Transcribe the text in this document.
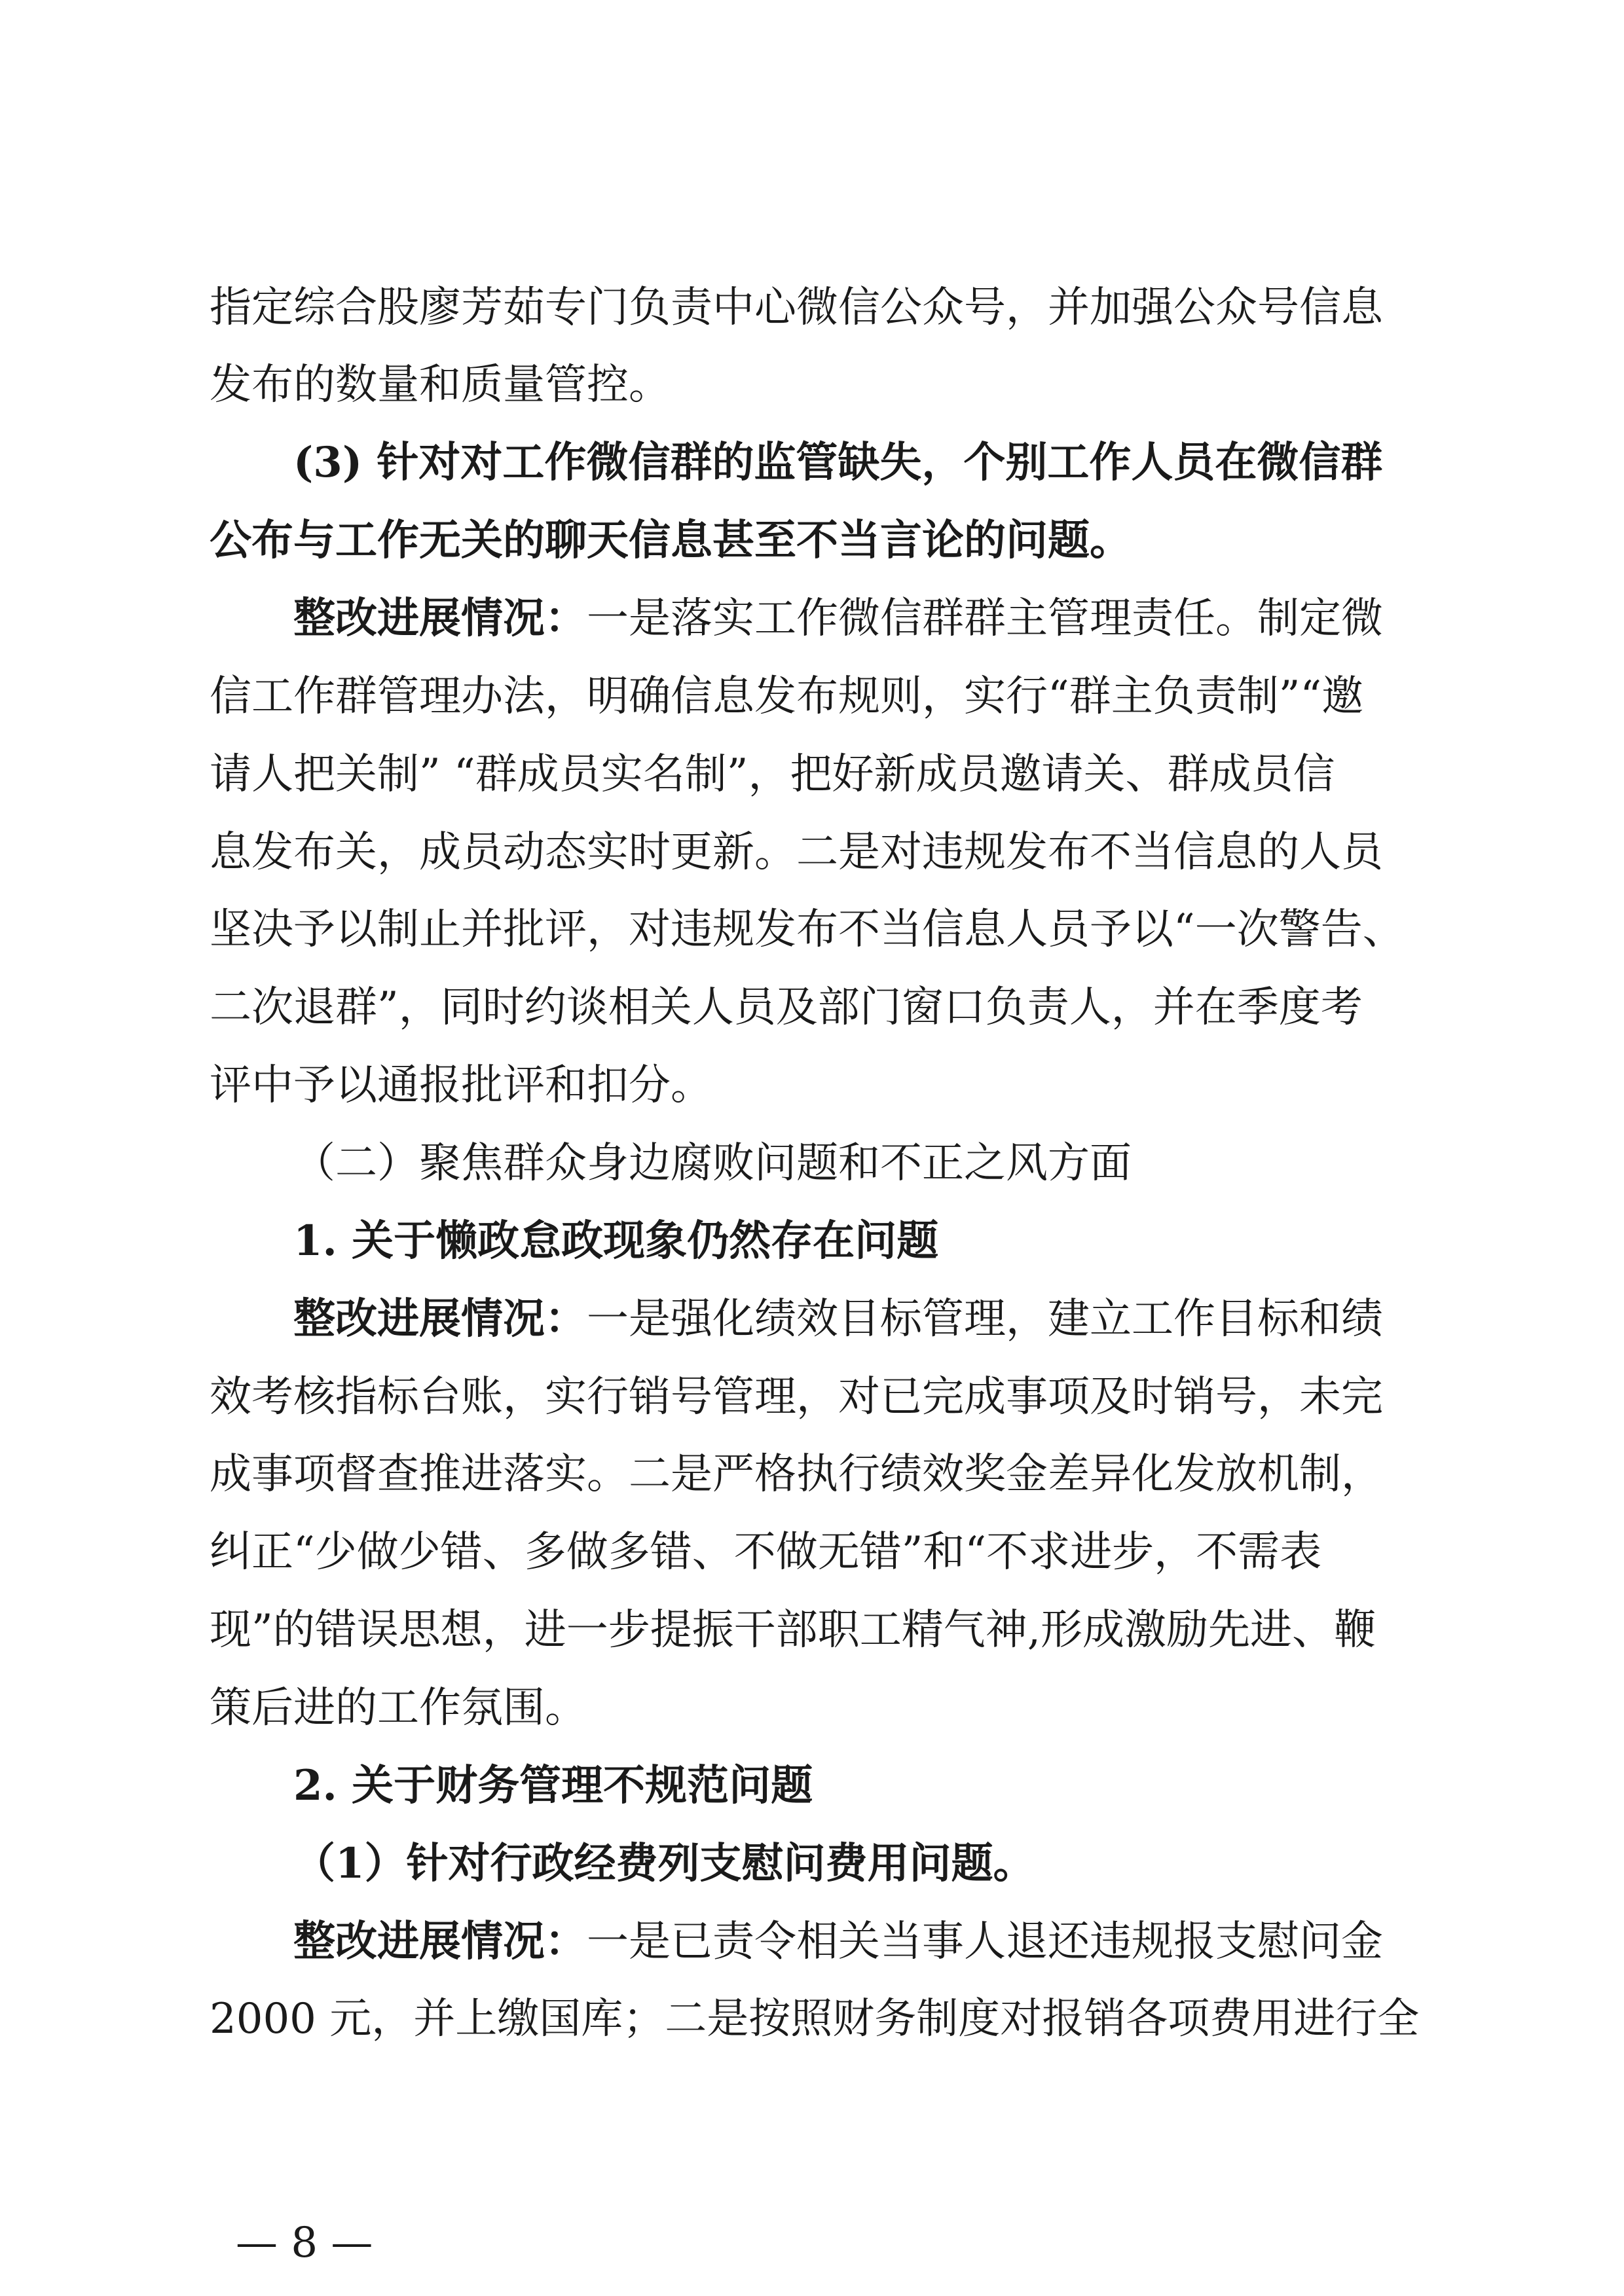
指定综合股廖芳茹专门负责中心微信公众号，并加强公众号信息
发布的数量和质量管控。
(3) 针对对工作微信群的监管缺失，个别工作人员在微信群
公布与工作无关的聊天信息甚至不当言论的问题。
整改进展情况：一是落实工作微信群群主管理责任。制定微
信工作群管理办法，明确信息发布规则，实行“群主负责制”“邀
请人把关制” “群成员实名制”，把好新成员邀请关、群成员信
息发布关，成员动态实时更新。二是对违规发布不当信息的人员
坚决予以制止并批评，对违规发布不当信息人员予以“一次警告、
二次退群”，同时约谈相关人员及部门窗口负责人，并在季度考
评中予以通报批评和扣分。
（二）聚焦群众身边腐败问题和不正之风方面
1. 关于懒政怠政现象仍然存在问题
整改进展情况：一是强化绩效目标管理，建立工作目标和绩
效考核指标台账，实行销号管理，对已完成事项及时销号，未完
成事项督查推进落实。二是严格执行绩效奖金差异化发放机制，
纠正“少做少错、多做多错、不做无错”和“不求进步，不需表
现”的错误思想，进一步提振干部职工精气神,形成激励先进、鞭
策后进的工作氛围。
2. 关于财务管理不规范问题
（1）针对行政经费列支慰问费用问题。
整改进展情况：一是已责令相关当事人退还违规报支慰问金
2000 元，并上缴国库；二是按照财务制度对报销各项费用进行全
— 8 —
